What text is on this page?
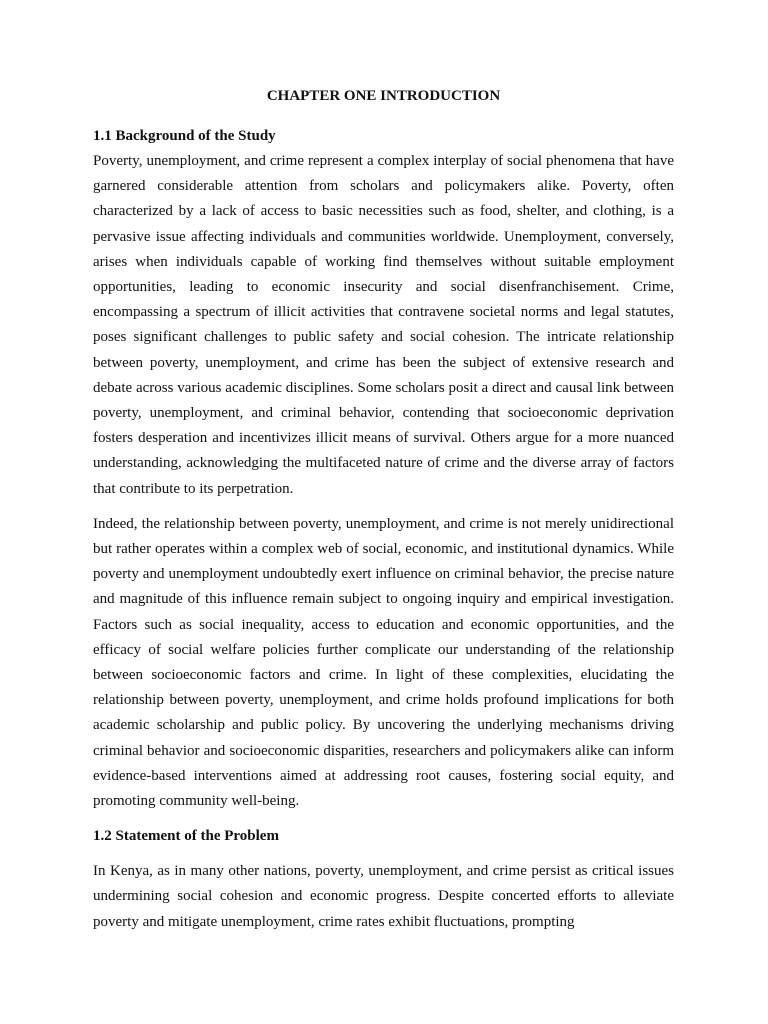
CHAPTER ONE INTRODUCTION
1.1 Background of the Study

Poverty, unemployment, and crime represent a complex interplay of social phenomena that have garnered considerable attention from scholars and policymakers alike. Poverty, often characterized by a lack of access to basic necessities such as food, shelter, and clothing, is a pervasive issue affecting individuals and communities worldwide. Unemployment, conversely, arises when individuals capable of working find themselves without suitable employment opportunities, leading to economic insecurity and social disenfranchisement. Crime, encompassing a spectrum of illicit activities that contravene societal norms and legal statutes, poses significant challenges to public safety and social cohesion. The intricate relationship between poverty, unemployment, and crime has been the subject of extensive research and debate across various academic disciplines. Some scholars posit a direct and causal link between poverty, unemployment, and criminal behavior, contending that socioeconomic deprivation fosters desperation and incentivizes illicit means of survival. Others argue for a more nuanced understanding, acknowledging the multifaceted nature of crime and the diverse array of factors that contribute to its perpetration.

Indeed, the relationship between poverty, unemployment, and crime is not merely unidirectional but rather operates within a complex web of social, economic, and institutional dynamics. While poverty and unemployment undoubtedly exert influence on criminal behavior, the precise nature and magnitude of this influence remain subject to ongoing inquiry and empirical investigation. Factors such as social inequality, access to education and economic opportunities, and the efficacy of social welfare policies further complicate our understanding of the relationship between socioeconomic factors and crime. In light of these complexities, elucidating the relationship between poverty, unemployment, and crime holds profound implications for both academic scholarship and public policy. By uncovering the underlying mechanisms driving criminal behavior and socioeconomic disparities, researchers and policymakers alike can inform evidence-based interventions aimed at addressing root causes, fostering social equity, and promoting community well-being.

1.2 Statement of the Problem

In Kenya, as in many other nations, poverty, unemployment, and crime persist as critical issues undermining social cohesion and economic progress. Despite concerted efforts to alleviate poverty and mitigate unemployment, crime rates exhibit fluctuations, prompting
